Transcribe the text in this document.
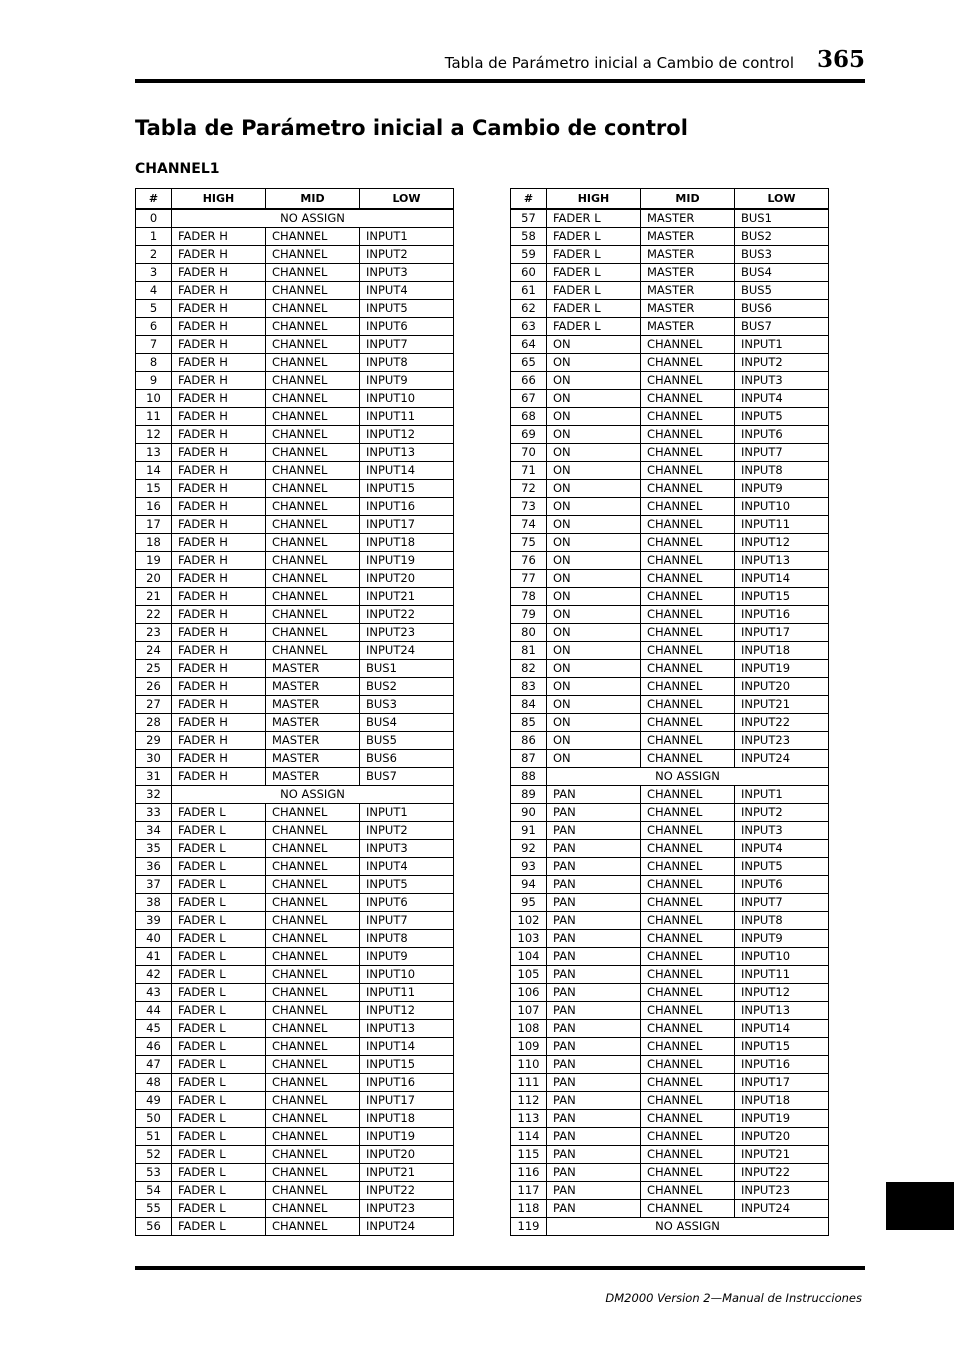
Tabla de Parámetro inicial a Cambio de control 365
Tabla de Parámetro inicial a Cambio de control
CHANNEL1
#	HIGH	MID	LOW
0	NO ASSIGN		
1	FADER H	CHANNEL	INPUT1
2	FADER H	CHANNEL	INPUT2
3	FADER H	CHANNEL	INPUT3
4	FADER H	CHANNEL	INPUT4
5	FADER H	CHANNEL	INPUT5
6	FADER H	CHANNEL	INPUT6
7	FADER H	CHANNEL	INPUT7
8	FADER H	CHANNEL	INPUT8
9	FADER H	CHANNEL	INPUT9
10	FADER H	CHANNEL	INPUT10
11	FADER H	CHANNEL	INPUT11
12	FADER H	CHANNEL	INPUT12
13	FADER H	CHANNEL	INPUT13
14	FADER H	CHANNEL	INPUT14
15	FADER H	CHANNEL	INPUT15
16	FADER H	CHANNEL	INPUT16
17	FADER H	CHANNEL	INPUT17
18	FADER H	CHANNEL	INPUT18
19	FADER H	CHANNEL	INPUT19
20	FADER H	CHANNEL	INPUT20
21	FADER H	CHANNEL	INPUT21
22	FADER H	CHANNEL	INPUT22
23	FADER H	CHANNEL	INPUT23
24	FADER H	CHANNEL	INPUT24
25	FADER H	MASTER	BUS1
26	FADER H	MASTER	BUS2
27	FADER H	MASTER	BUS3
28	FADER H	MASTER	BUS4
29	FADER H	MASTER	BUS5
30	FADER H	MASTER	BUS6
31	FADER H	MASTER	BUS7
32	NO ASSIGN		
33	FADER L	CHANNEL	INPUT1
34	FADER L	CHANNEL	INPUT2
35	FADER L	CHANNEL	INPUT3
36	FADER L	CHANNEL	INPUT4
37	FADER L	CHANNEL	INPUT5
38	FADER L	CHANNEL	INPUT6
39	FADER L	CHANNEL	INPUT7
40	FADER L	CHANNEL	INPUT8
41	FADER L	CHANNEL	INPUT9
42	FADER L	CHANNEL	INPUT10
43	FADER L	CHANNEL	INPUT11
44	FADER L	CHANNEL	INPUT12
45	FADER L	CHANNEL	INPUT13
46	FADER L	CHANNEL	INPUT14
47	FADER L	CHANNEL	INPUT15
48	FADER L	CHANNEL	INPUT16
49	FADER L	CHANNEL	INPUT17
50	FADER L	CHANNEL	INPUT18
51	FADER L	CHANNEL	INPUT19
52	FADER L	CHANNEL	INPUT20
53	FADER L	CHANNEL	INPUT21
54	FADER L	CHANNEL	INPUT22
55	FADER L	CHANNEL	INPUT23
56	FADER L	CHANNEL	INPUT24
#	HIGH	MID	LOW
57	FADER L	MASTER	BUS1
58	FADER L	MASTER	BUS2
59	FADER L	MASTER	BUS3
60	FADER L	MASTER	BUS4
61	FADER L	MASTER	BUS5
62	FADER L	MASTER	BUS6
63	FADER L	MASTER	BUS7
64	ON	CHANNEL	INPUT1
65	ON	CHANNEL	INPUT2
66	ON	CHANNEL	INPUT3
67	ON	CHANNEL	INPUT4
68	ON	CHANNEL	INPUT5
69	ON	CHANNEL	INPUT6
70	ON	CHANNEL	INPUT7
71	ON	CHANNEL	INPUT8
72	ON	CHANNEL	INPUT9
73	ON	CHANNEL	INPUT10
74	ON	CHANNEL	INPUT11
75	ON	CHANNEL	INPUT12
76	ON	CHANNEL	INPUT13
77	ON	CHANNEL	INPUT14
78	ON	CHANNEL	INPUT15
79	ON	CHANNEL	INPUT16
80	ON	CHANNEL	INPUT17
81	ON	CHANNEL	INPUT18
82	ON	CHANNEL	INPUT19
83	ON	CHANNEL	INPUT20
84	ON	CHANNEL	INPUT21
85	ON	CHANNEL	INPUT22
86	ON	CHANNEL	INPUT23
87	ON	CHANNEL	INPUT24
88	NO ASSIGN		
89	PAN	CHANNEL	INPUT1
90	PAN	CHANNEL	INPUT2
91	PAN	CHANNEL	INPUT3
92	PAN	CHANNEL	INPUT4
93	PAN	CHANNEL	INPUT5
94	PAN	CHANNEL	INPUT6
95	PAN	CHANNEL	INPUT7
102	PAN	CHANNEL	INPUT8
103	PAN	CHANNEL	INPUT9
104	PAN	CHANNEL	INPUT10
105	PAN	CHANNEL	INPUT11
106	PAN	CHANNEL	INPUT12
107	PAN	CHANNEL	INPUT13
108	PAN	CHANNEL	INPUT14
109	PAN	CHANNEL	INPUT15
110	PAN	CHANNEL	INPUT16
111	PAN	CHANNEL	INPUT17
112	PAN	CHANNEL	INPUT18
113	PAN	CHANNEL	INPUT19
114	PAN	CHANNEL	INPUT20
115	PAN	CHANNEL	INPUT21
116	PAN	CHANNEL	INPUT22
117	PAN	CHANNEL	INPUT23
118	PAN	CHANNEL	INPUT24
119	NO ASSIGN		
DM2000 Version 2—Manual de Instrucciones
